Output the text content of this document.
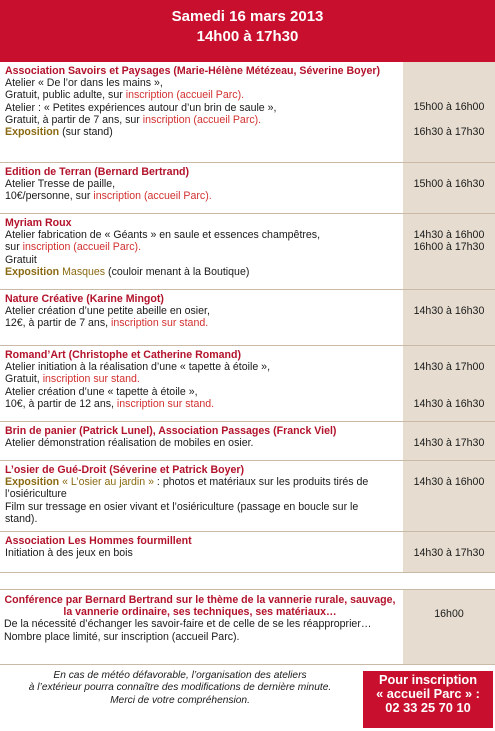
Samedi 16 mars 2013
14h00 à 17h30
Association Savoirs et Paysages (Marie-Hélène Métézeau, Séverine Boyer)
Atelier « De l’or dans les mains »,
Gratuit, public adulte, sur inscription (accueil Parc).
Atelier : « Petites expériences autour d’un brin de saule »,
Gratuit, à partir de 7 ans, sur inscription (accueil Parc).
Exposition (sur stand)
15h00 à 16h00
16h30 à 17h30
Edition de Terran (Bernard Bertrand)
Atelier Tresse de paille,
10€/personne, sur inscription (accueil Parc).
15h00 à 16h30
Myriam Roux
Atelier fabrication de « Géants » en saule et essences champêtres,
sur inscription (accueil Parc).
Gratuit
Exposition Masques (couloir menant à la Boutique)
14h30 à 16h00
16h00 à 17h30
Nature Créative (Karine Mingot)
Atelier création d’une petite abeille en osier,
12€, à partir de 7 ans, inscription sur stand.
14h30 à 16h30
Romand’Art (Christophe et Catherine Romand)
Atelier initiation à la réalisation d’une « tapette à étoile »,
Gratuit, inscription sur stand.
Atelier création d’une « tapette à étoile »,
10€, à partir de 12 ans, inscription sur stand.
14h30 à 17h00
14h30 à 16h30
Brin de panier (Patrick Lunel), Association Passages (Franck Viel)
Atelier démonstration réalisation de mobiles en osier.	14h30 à 17h30
L’osier de Gué-Droit (Séverine et Patrick Boyer)
Exposition « L’osier au jardin » : photos et matériaux sur les produits tirés de l’osiériculture
Film sur tressage en osier vivant et l’osiériculture (passage en boucle sur le stand).
14h30 à 16h00
Association Les Hommes fourmillent
Initiation à des jeux en bois	14h30 à 17h30
Conférence par Bernard Bertrand sur le thème de la vannerie rurale, sauvage, la vannerie ordinaire, ses techniques, ses matériaux…
De la nécessité d’échanger les savoir-faire et de celle de se les réapproprier…
Nombre place limité, sur inscription (accueil Parc).
16h00
En cas de météo défavorable, l’organisation des ateliers
à l’extérieur pourra connaître des modifications de dernière minute.
Merci de votre compréhension.
Pour inscription
« accueil Parc » :
02 33 25 70 10
